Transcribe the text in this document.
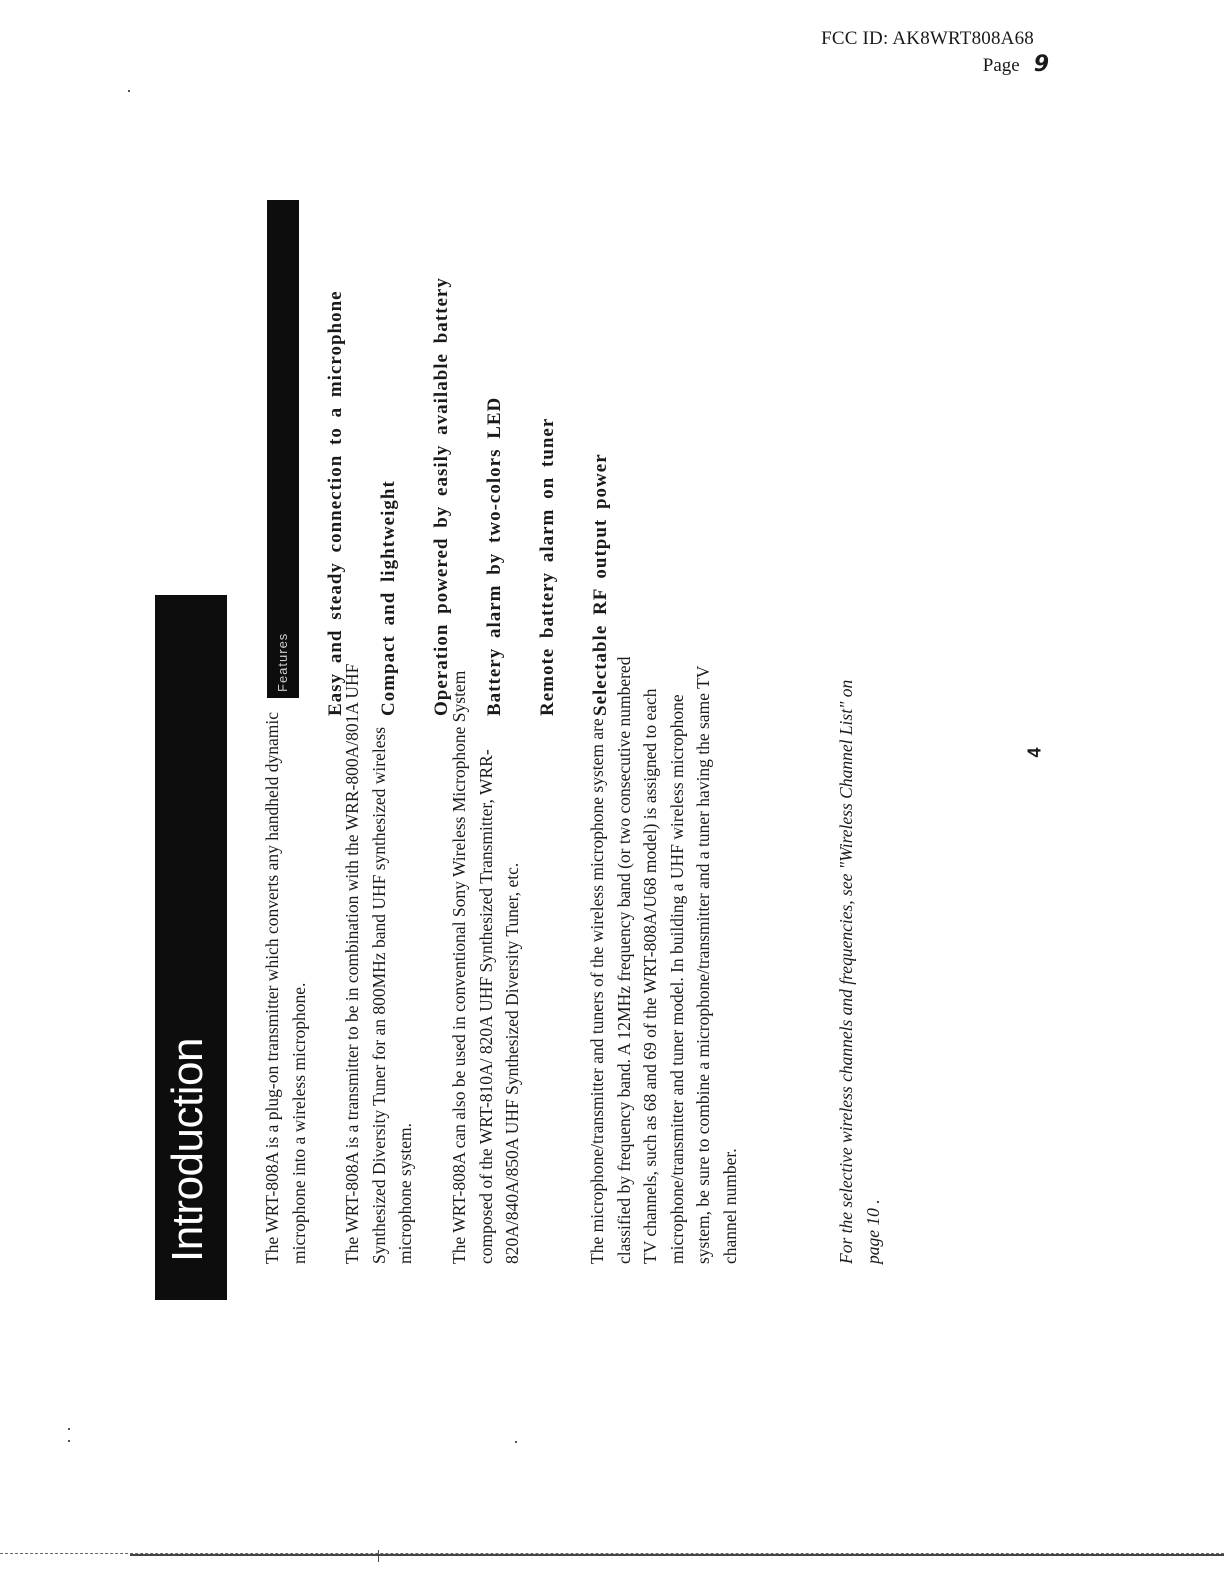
FCC ID: AK8WRT808A68
Page 9
Introduction	The WRT-808A is a plug-on transmitter which converts any handheld dynamic microphone into a wireless microphone. The WRT-808A is a transmitter to be in combination with the WRR-800A/801A UHF Synthesized Diversity Tuner for an 800MHz band UHF synthesized wireless microphone system. The WRT-808A can also be used in conventional Sony Wireless Microphone System composed of the WRT-810A/ 820A UHF Synthesized Transmitter, WRR-820A/840A/850A UHF Synthesized Diversity Tuner, etc.	The microphone/transmitter and tuners of the wireless microphone system are classified by frequency band. A 12MHz frequency band (or two consecutive numbered TV channels, such as 68 and 69 of the WRT-808A/U68 model) is assigned to each microphone/transmitter and tuner model. In building a UHF wireless microphone system, be sure to combine a microphone/transmitter and a tuner having the same TV channel number.	For the selective wireless channels and frequencies, see "Wireless Channel List" on page 10 .
Features Easy and steady connection to a microphone	Compact and lightweight	Operation powered by easily available battery	Battery alarm by two-colors LED	Remote battery alarm on tuner	Selectable RF output power
4
